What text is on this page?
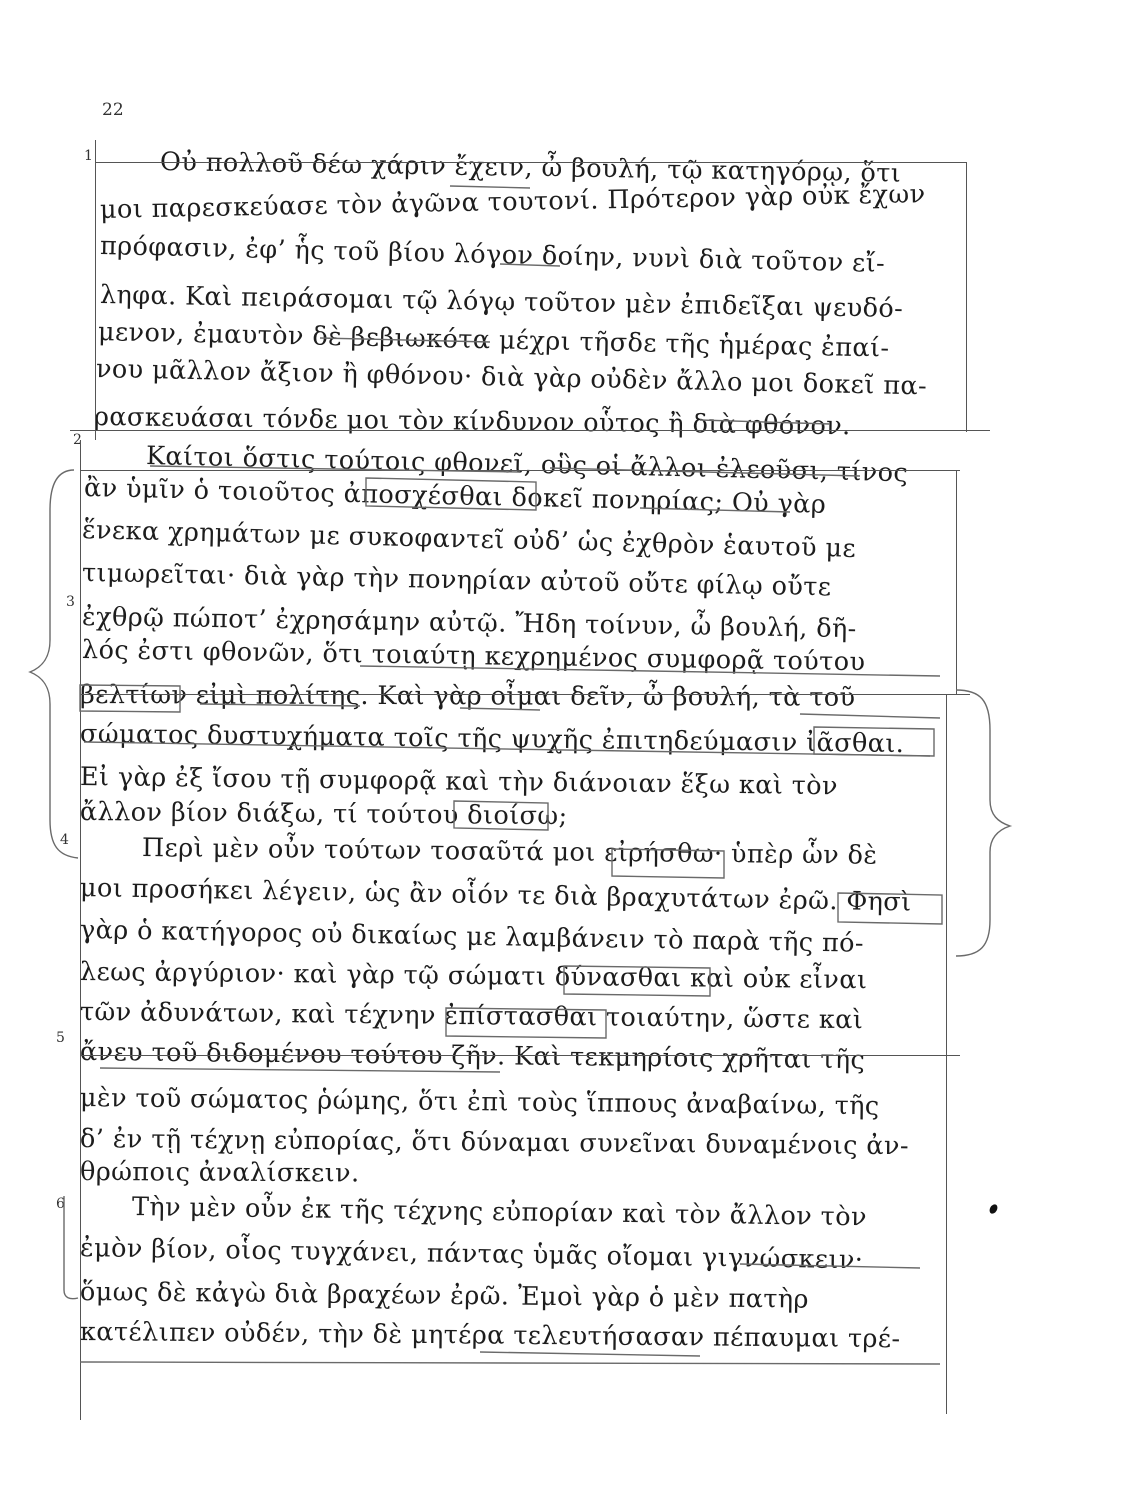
22
1
2
3
4
5
6
Οὐ πολλοῦ δέω χάριν ἔχειν, ὦ βουλή, τῷ κατηγόρῳ, ὅτι
μοι παρεσκεύασε τὸν ἀγῶνα τουτονί. Πρότερον γὰρ οὐκ ἔχων
πρόφασιν, ἐφ’ ἧς τοῦ βίου λόγον δοίην, νυνὶ διὰ τοῦτον εἴ-
ληφα. Καὶ πειράσομαι τῷ λόγῳ τοῦτον μὲν ἐπιδεῖξαι ψευδό-
μενον, ἐμαυτὸν δὲ βεβιωκότα μέχρι τῆσδε τῆς ἡμέρας ἐπαί-
νου μᾶλλον ἄξιον ἢ φθόνου· διὰ γὰρ οὐδὲν ἄλλο μοι δοκεῖ πα-
ρασκευάσαι τόνδε μοι τὸν κίνδυνον οὗτος ἢ διὰ φθόνον.
Καίτοι ὅστις τούτοις φθονεῖ, οὓς οἱ ἄλλοι ἐλεοῦσι, τίνος
ἂν ὑμῖν ὁ τοιοῦτος ἀποσχέσθαι δοκεῖ πονηρίας; Οὐ γὰρ
ἕνεκα χρημάτων με συκοφαντεῖ οὐδ’ ὡς ἐχθρὸν ἑαυτοῦ με
τιμωρεῖται· διὰ γὰρ τὴν πονηρίαν αὐτοῦ οὔτε φίλῳ οὔτε
ἐχθρῷ πώποτ’ ἐχρησάμην αὐτῷ. Ἤδη τοίνυν, ὦ βουλή, δῆ-
λός ἐστι φθονῶν, ὅτι τοιαύτῃ κεχρημένος συμφορᾷ τούτου
βελτίων εἰμὶ πολίτης. Καὶ γὰρ οἶμαι δεῖν, ὦ βουλή, τὰ τοῦ
σώματος δυστυχήματα τοῖς τῆς ψυχῆς ἐπιτηδεύμασιν ἰᾶσθαι.
Εἰ γὰρ ἐξ ἴσου τῇ συμφορᾷ καὶ τὴν διάνοιαν ἕξω καὶ τὸν
ἄλλον βίον διάξω, τί τούτου διοίσω;
Περὶ μὲν οὖν τούτων τοσαῦτά μοι εἰρήσθω· ὑπὲρ ὧν δὲ
μοι προσήκει λέγειν, ὡς ἂν οἷόν τε διὰ βραχυτάτων ἐρῶ. Φησὶ
γὰρ ὁ κατήγορος οὐ δικαίως με λαμβάνειν τὸ παρὰ τῆς πό-
λεως ἀργύριον· καὶ γὰρ τῷ σώματι δύνασθαι καὶ οὐκ εἶναι
τῶν ἀδυνάτων, καὶ τέχνην ἐπίστασθαι τοιαύτην, ὥστε καὶ
ἄνευ τοῦ διδομένου τούτου ζῆν. Καὶ τεκμηρίοις χρῆται τῆς
μὲν τοῦ σώματος ῥώμης, ὅτι ἐπὶ τοὺς ἵππους ἀναβαίνω, τῆς
δ’ ἐν τῇ τέχνῃ εὐπορίας, ὅτι δύναμαι συνεῖναι δυναμένοις ἀν-
θρώποις ἀναλίσκειν.
Τὴν μὲν οὖν ἐκ τῆς τέχνης εὐπορίαν καὶ τὸν ἄλλον τὸν
ἐμὸν βίον, οἷος τυγχάνει, πάντας ὑμᾶς οἴομαι γιγνώσκειν·
ὅμως δὲ κἀγὼ διὰ βραχέων ἐρῶ. Ἐμοὶ γὰρ ὁ μὲν πατὴρ
κατέλιπεν οὐδέν, τὴν δὲ μητέρα τελευτήσασαν πέπαυμαι τρέ-
